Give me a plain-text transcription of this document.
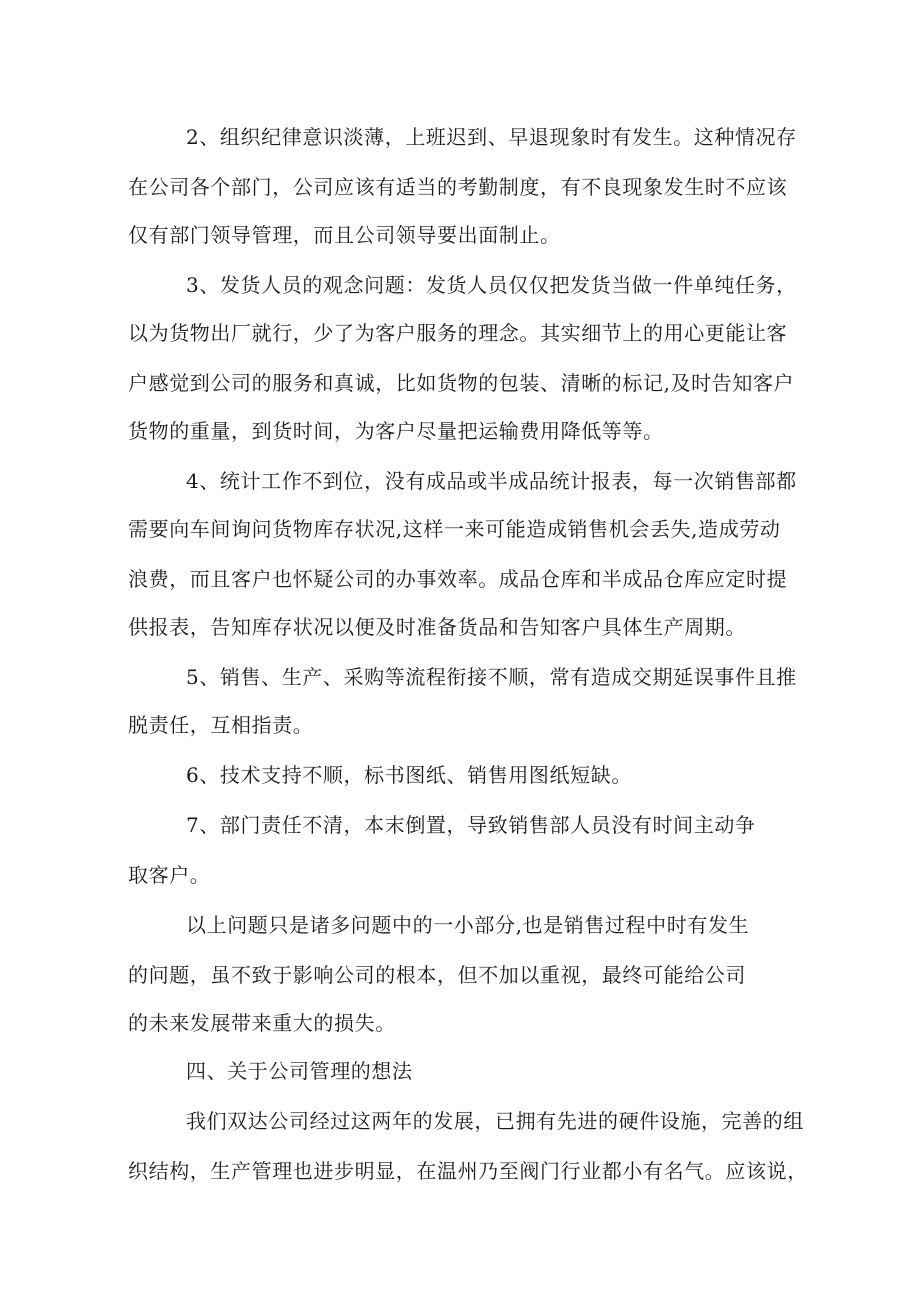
2、组织纪律意识淡薄，上班迟到、早退现象时有发生。这种情况存
在公司各个部门，公司应该有适当的考勤制度，有不良现象发生时不应该
仅有部门领导管理，而且公司领导要出面制止。
3、发货人员的观念问题：发货人员仅仅把发货当做一件单纯任务，
以为货物出厂就行，少了为客户服务的理念。其实细节上的用心更能让客
户感觉到公司的服务和真诚，比如货物的包装、清晰的标记,及时告知客户
货物的重量，到货时间，为客户尽量把运输费用降低等等。
4、统计工作不到位，没有成品或半成品统计报表，每一次销售部都
需要向车间询问货物库存状况,这样一来可能造成销售机会丢失,造成劳动
浪费，而且客户也怀疑公司的办事效率。成品仓库和半成品仓库应定时提
供报表，告知库存状况以便及时准备货品和告知客户具体生产周期。
5、销售、生产、采购等流程衔接不顺，常有造成交期延误事件且推
脱责任，互相指责。
6、技术支持不顺，标书图纸、销售用图纸短缺。
7、部门责任不清，本末倒置，导致销售部人员没有时间主动争
取客户。
以上问题只是诸多问题中的一小部分,也是销售过程中时有发生
的问题，虽不致于影响公司的根本，但不加以重视，最终可能给公司
的未来发展带来重大的损失。
四、关于公司管理的想法
我们双达公司经过这两年的发展，已拥有先进的硬件设施，完善的组
织结构，生产管理也进步明显，在温州乃至阀门行业都小有名气。应该说，
